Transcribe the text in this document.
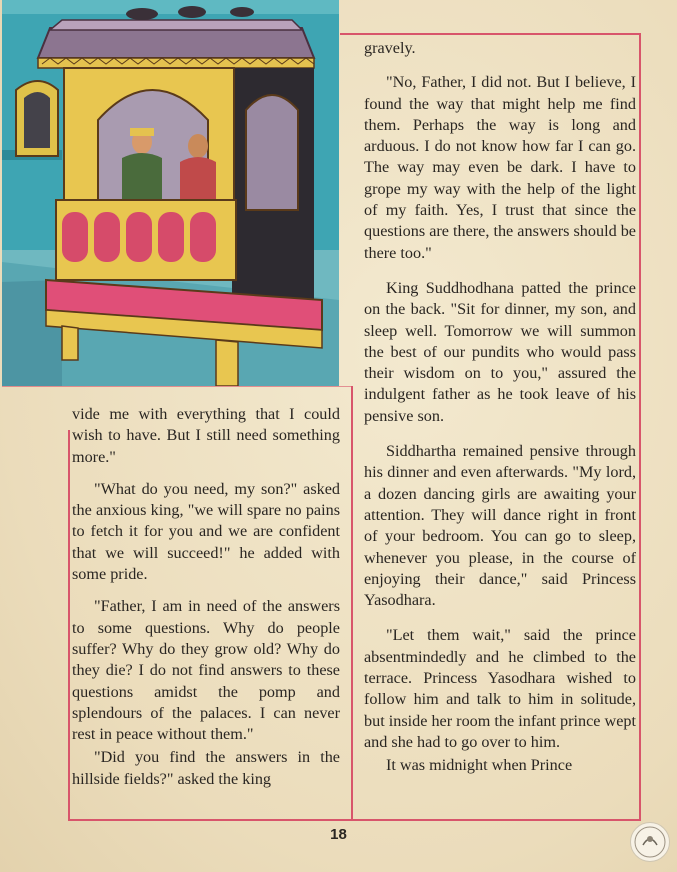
vide me with everything that I could wish to have. But I still need something more."

"What do you need, my son?" asked the anxious king, "we will spare no pains to fetch it for you and we are confident that we will succeed!" he added with some pride.

"Father, I am in need of the answers to some questions. Why do people suffer? Why do they grow old? Why do they die? I do not find answers to these questions amidst the pomp and splendours of the palaces. I can never rest in peace without them."

"Did you find the answers in the hillside fields?" asked the king

gravely.

"No, Father, I did not. But I believe, I found the way that might help me find them. Perhaps the way is long and arduous. I do not know how far I can go. The way may even be dark. I have to grope my way with the help of the light of my faith. Yes, I trust that since the questions are there, the answers should be there too."

King Suddhodhana patted the prince on the back. "Sit for dinner, my son, and sleep well. Tomorrow we will summon the best of our pundits who would pass their wisdom on to you," assured the indulgent father as he took leave of his pensive son.

Siddhartha remained pensive through his dinner and even afterwards. "My lord, a dozen dancing girls are awaiting your attention. They will dance right in front of your bedroom. You can go to sleep, whenever you please, in the course of enjoying their dance," said Princess Yasodhara.

"Let them wait," said the prince absentmindedly and he climbed to the terrace. Princess Yasodhara wished to follow him and talk to him in solitude, but inside her room the infant prince wept and she had to go over to him.

It was midnight when Prince

18
